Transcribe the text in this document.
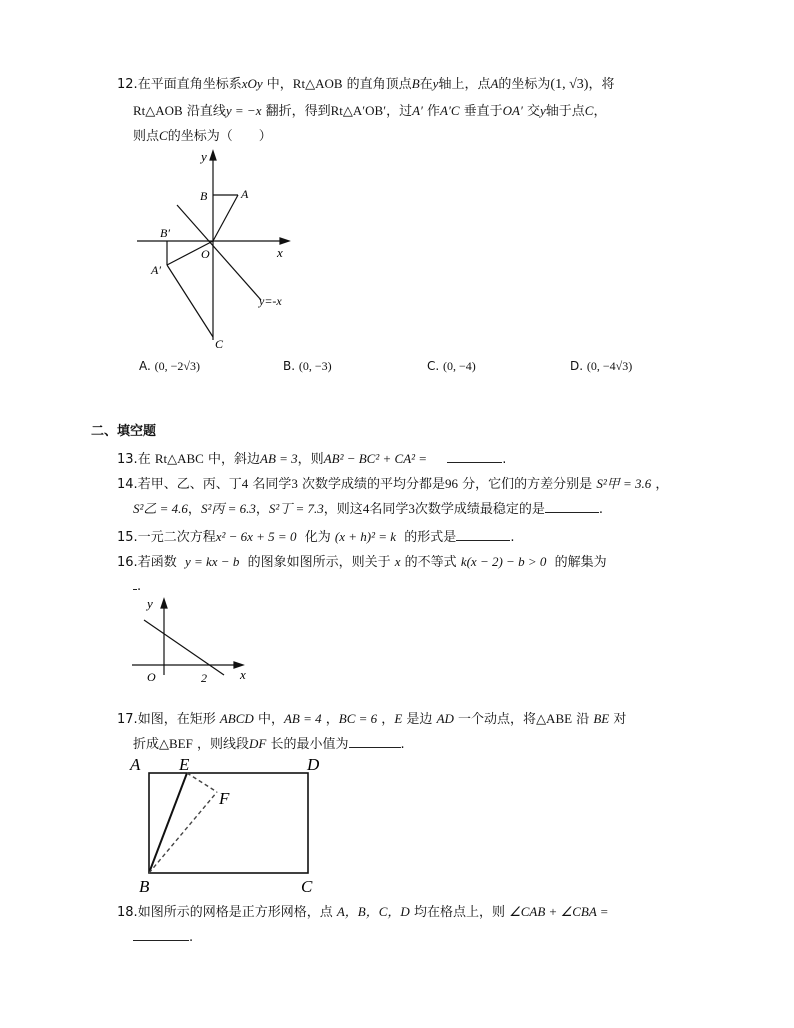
12.在平面直角坐标系xOy 中，Rt△AOB 的直角顶点B在y轴上，点A的坐标为(1, √3)，将
Rt△AOB 沿直线y = −x 翻折，得到Rt△A′OB′，过A′ 作A′C 垂直于OA′ 交y轴于点C，
则点C的坐标为（　　）
y
B	A
B′
O	x
A′
y=-x
C
A. (0, −2√3)	B. (0, −3)	C. (0, −4)	D. (0, −4√3)
二、填空题
13.在 Rt△ABC 中，斜边AB = 3，则AB² − BC² + CA² =	.
14.若甲、乙、丙、丁4 名同学3 次数学成绩的平均分都是96 分，它们的方差分别是 S²甲 = 3.6 ，
S²乙 = 4.6，S²丙 = 6.3，S²丁 = 7.3，则这4名同学3次数学成绩最稳定的是	.
15.一元二次方程x² − 6x + 5 = 0 化为 (x + h)² = k 的形式是	.
16.若函数 y = kx − b 的图象如图所示，则关于 x 的不等式 k(x − 2) − b > 0 的解集为
.
y
O	2	x
17.如图，在矩形 ABCD 中，AB = 4 ，BC = 6 ，E 是边 AD 一个动点，将△ABE 沿 BE 对
折成△BEF ，则线段DF 长的最小值为	.
A E	D
F
B	C
18.如图所示的网格是正方形网格，点 A，B，C，D 均在格点上，则 ∠CAB + ∠CBA =
.
